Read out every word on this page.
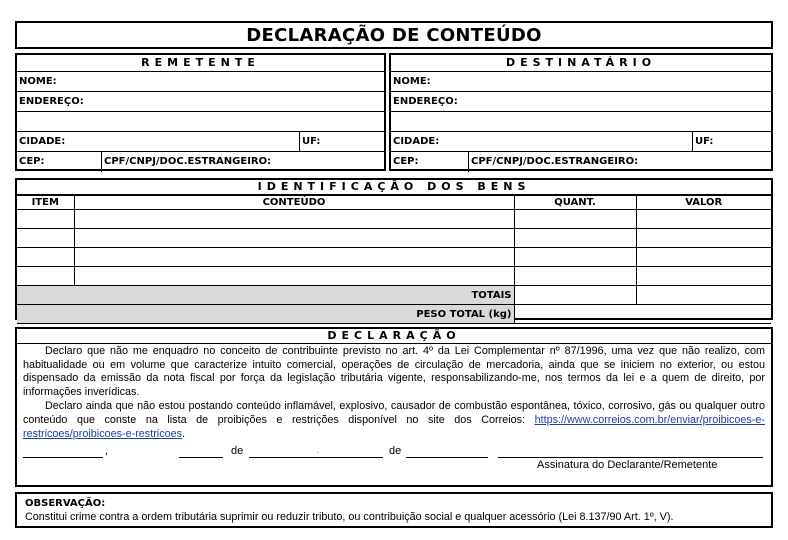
DECLARAÇÃO DE CONTEÚDO
REMETENTE
NOME:
ENDEREÇO:
CIDADE:	UF:
CEP:	CPF/CNPJ/DOC.ESTRANGEIRO:
DESTINATÁRIO
NOME:
ENDEREÇO:
CIDADE:	UF:
CEP:	CPF/CNPJ/DOC.ESTRANGEIRO:
IDENTIFICAÇÃO DOS BENS
ITEM	CONTEÚDO	QUANT.	VALOR

TOTAIS			
PESO TOTAL (kg)			
DECLARAÇÃO
Declaro que não me enquadro no conceito de contribuinte previsto no art. 4º da Lei Complementar nº 87/1996, uma vez que não realizo, com habitualidade ou em volume que caracterize intuito comercial, operações de circulação de mercadoria, ainda que se iniciem no exterior, ou estou dispensado da emissão da nota fiscal por força da legislação tributária vigente, responsabilizando-me, nos termos da lei e a quem de direito, por informações inverídicas.
Declaro ainda que não estou postando conteúdo inflamável, explosivo, causador de combustão espontânea, tóxico, corrosivo, gás ou qualquer outro conteúdo que conste na lista de proibições e restrições disponível no site dos Correios: https://www.correios.com.br/enviar/proibicoes-e-restricoes/proibicoes-e-restricoes.
,	de	.	de
Assinatura do Declarante/Remetente
OBSERVAÇÃO:
Constitui crime contra a ordem tributária suprimir ou reduzir tributo, ou contribuição social e qualquer acessório (Lei 8.137/90 Art. 1º, V).
